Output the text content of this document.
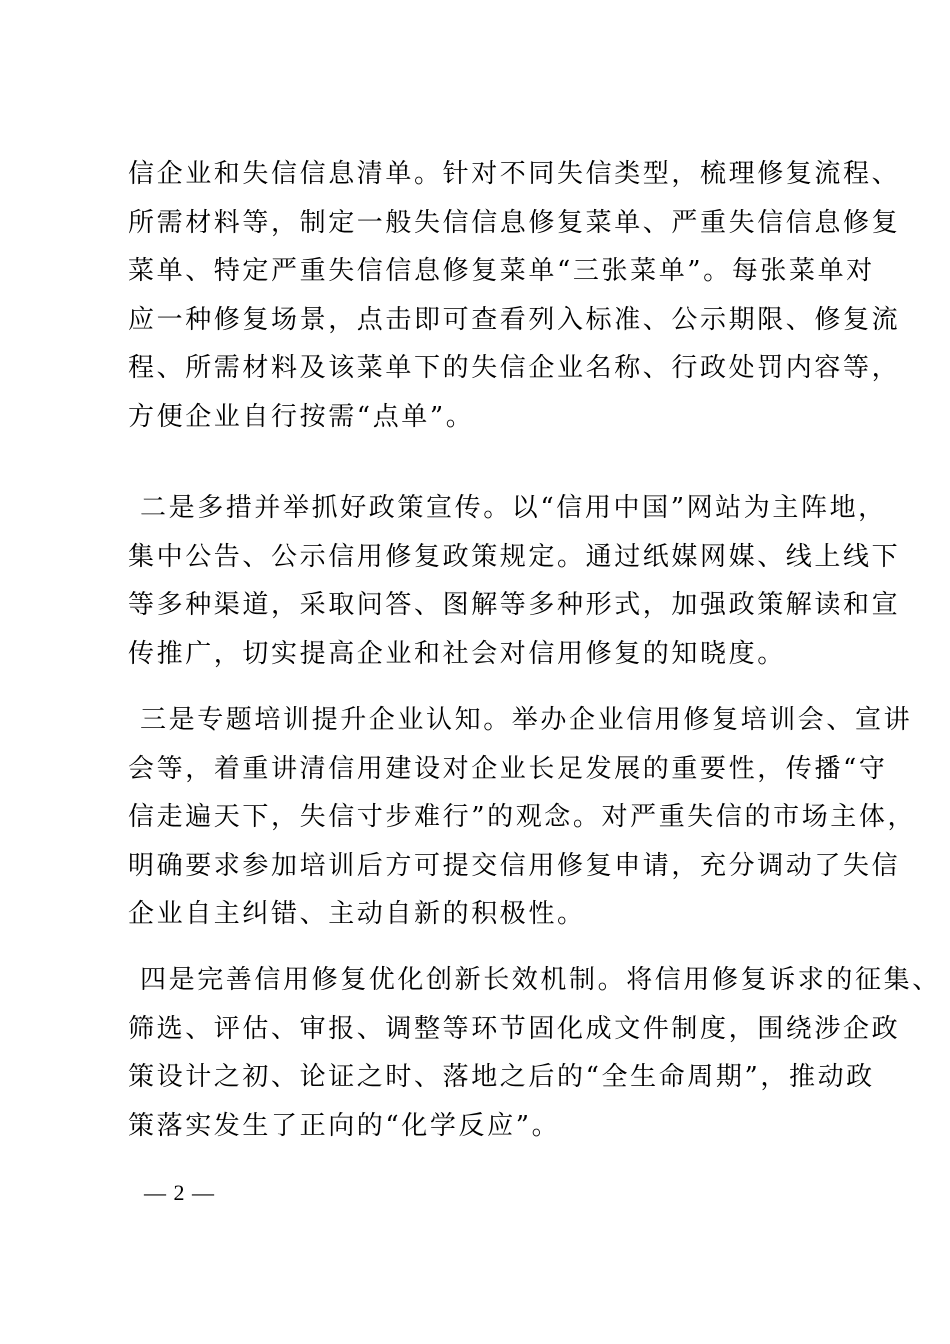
信企业和失信信息清单。针对不同失信类型，梳理修复流程、
所需材料等，制定一般失信信息修复菜单、严重失信信息修复
菜单、特定严重失信信息修复菜单“三张菜单”。每张菜单对
应一种修复场景，点击即可查看列入标准、公示期限、修复流
程、所需材料及该菜单下的失信企业名称、行政处罚内容等，
方便企业自行按需“点单”。
二是多措并举抓好政策宣传。以“信用中国”网站为主阵地，
集中公告、公示信用修复政策规定。通过纸媒网媒、线上线下
等多种渠道，采取问答、图解等多种形式，加强政策解读和宣
传推广，切实提高企业和社会对信用修复的知晓度。
三是专题培训提升企业认知。举办企业信用修复培训会、宣讲
会等，着重讲清信用建设对企业长足发展的重要性，传播“守
信走遍天下，失信寸步难行”的观念。对严重失信的市场主体，
明确要求参加培训后方可提交信用修复申请，充分调动了失信
企业自主纠错、主动自新的积极性。
四是完善信用修复优化创新长效机制。将信用修复诉求的征集、
筛选、评估、审报、调整等环节固化成文件制度，围绕涉企政
策设计之初、论证之时、落地之后的“全生命周期”，推动政
策落实发生了正向的“化学反应”。
— 2 —
